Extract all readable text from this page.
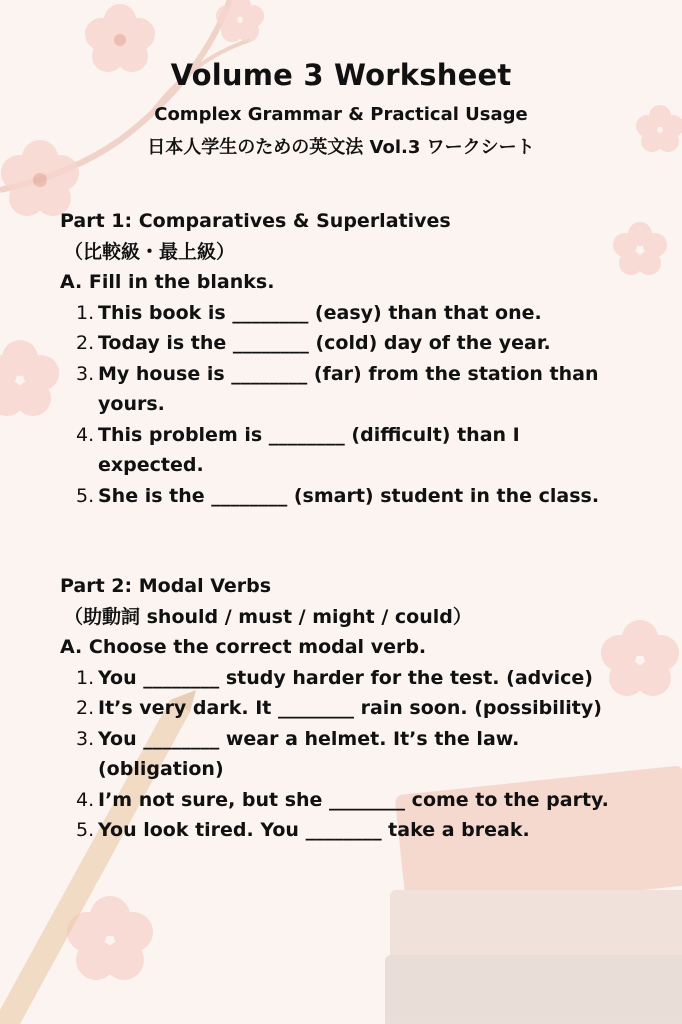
Volume 3 Worksheet
Complex Grammar & Practical Usage
日本人学生のための英文法 Vol.3 ワークシート
Part 1: Comparatives & Superlatives
（比較級・最上級）
A. Fill in the blanks.
1. This book is ________ (easy) than that one.
2. Today is the ________ (cold) day of the year.
3. My house is ________ (far) from the station than yours.
4. This problem is ________ (difficult) than I expected.
5. She is the ________ (smart) student in the class.
Part 2: Modal Verbs
（助動詞 should / must / might / could）
A. Choose the correct modal verb.
1. You ________ study harder for the test. (advice)
2. It’s very dark. It ________ rain soon. (possibility)
3. You ________ wear a helmet. It’s the law. (obligation)
4. I’m not sure, but she ________ come to the party.
5. You look tired. You ________ take a break.
